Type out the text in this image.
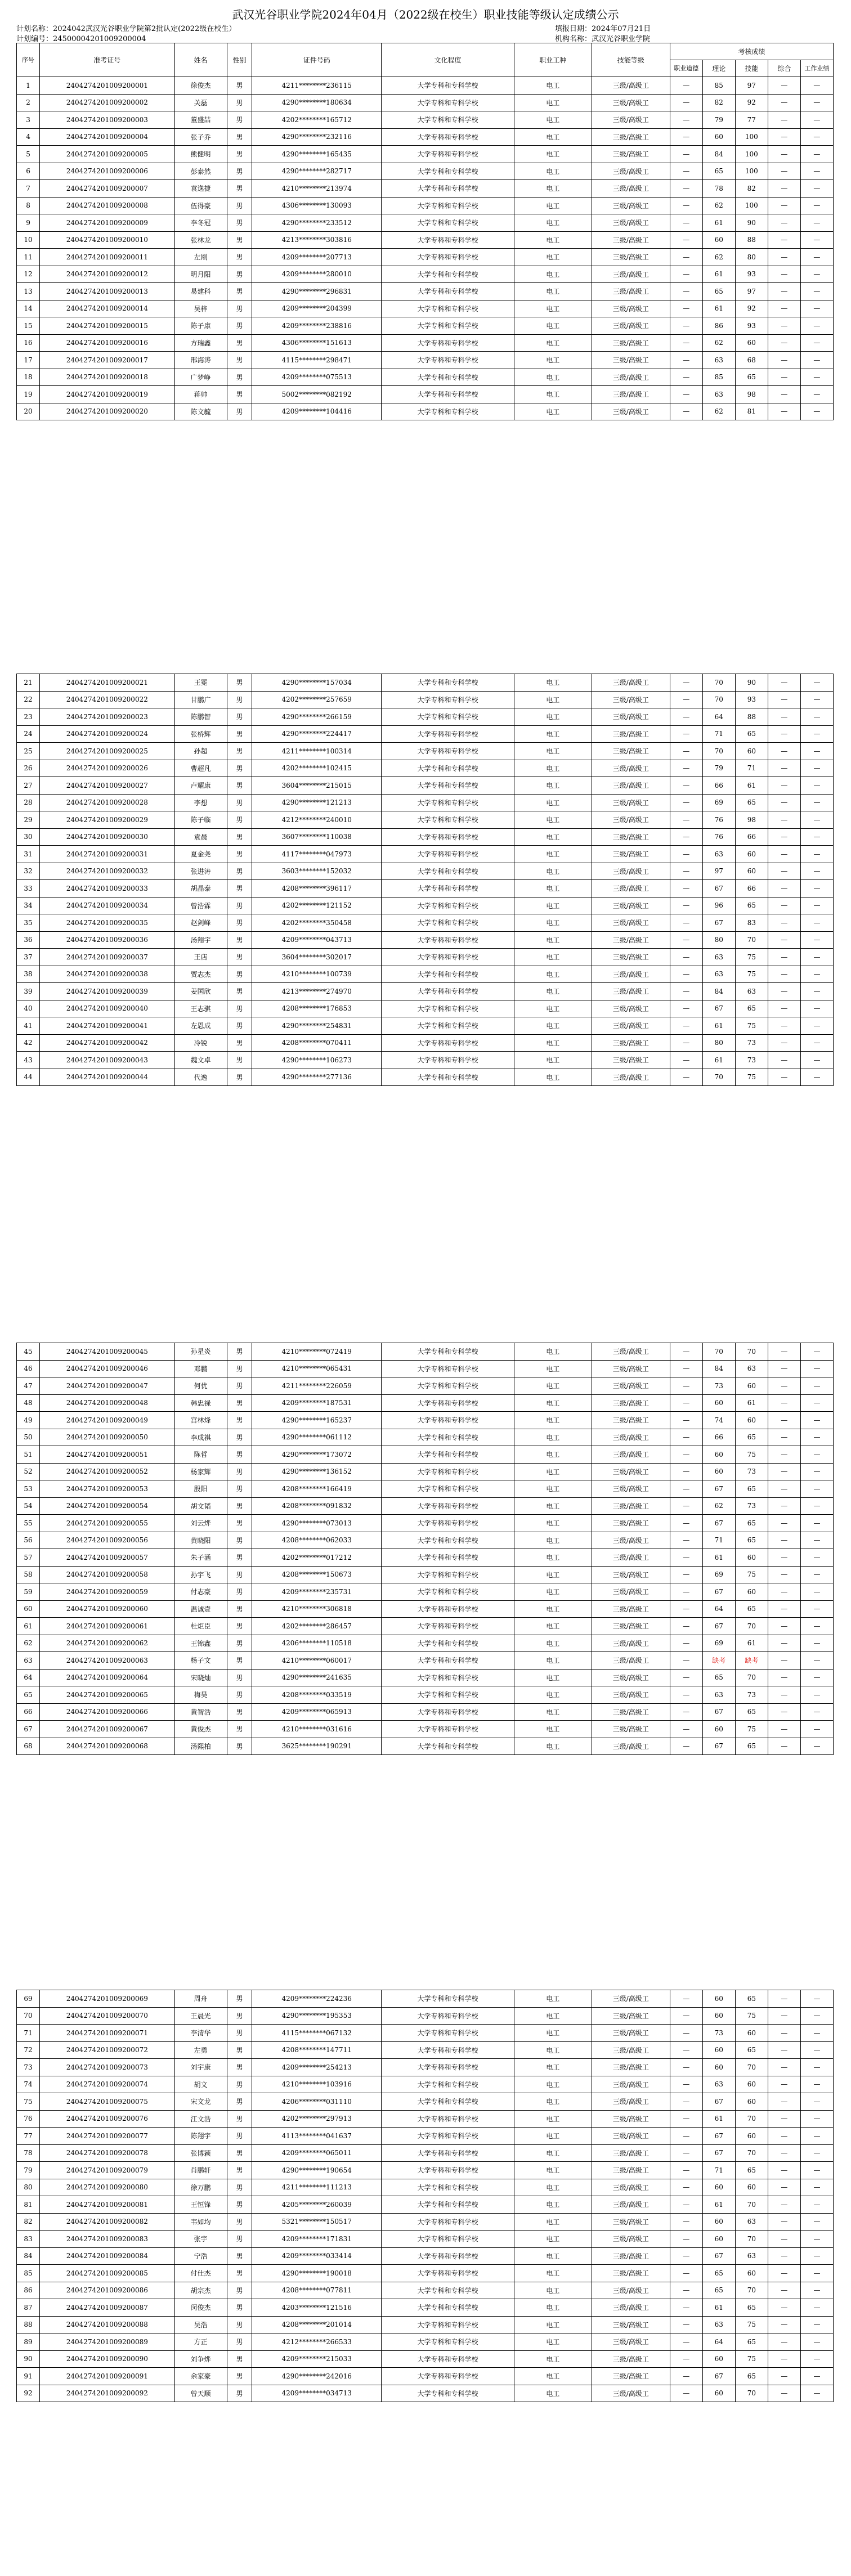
武汉光谷职业学院2024年04月（2022级在校生）职业技能等级认定成绩公示
计划名称：2024042武汉光谷职业学院第2批认定(2022级在校生）
计划编号：24500004201009200004
填报日期：2024年07月21日
机构名称：武汉光谷职业学院
序号	准考证号	姓名	性别	证件号码	文化程度	职业工种	技能等级	考核成绩				
								职业道德	理论	技能	综合	工作业绩
1	2404274201009200001	徐俊杰	男	4211********236115	大学专科和专科学校	电工	三级/高级工	—	85	97	—	—
2	2404274201009200002	关磊	男	4290********180634	大学专科和专科学校	电工	三级/高级工	—	82	92	—	—
3	2404274201009200003	董盛喆	男	4202********165712	大学专科和专科学校	电工	三级/高级工	—	79	77	—	—
4	2404274201009200004	张子乔	男	4290********232116	大学专科和专科学校	电工	三级/高级工	—	60	100	—	—
5	2404274201009200005	熊健明	男	4290********165435	大学专科和专科学校	电工	三级/高级工	—	84	100	—	—
6	2404274201009200006	彭泰然	男	4290********282717	大学专科和专科学校	电工	三级/高级工	—	65	100	—	—
7	2404274201009200007	袁逸捷	男	4210********213974	大学专科和专科学校	电工	三级/高级工	—	78	82	—	—
8	2404274201009200008	伍得豪	男	4306********130093	大学专科和专科学校	电工	三级/高级工	—	62	100	—	—
9	2404274201009200009	李冬冠	男	4290********233512	大学专科和专科学校	电工	三级/高级工	—	61	90	—	—
10	2404274201009200010	张林龙	男	4213********303816	大学专科和专科学校	电工	三级/高级工	—	60	88	—	—
11	2404274201009200011	左刚	男	4209********207713	大学专科和专科学校	电工	三级/高级工	—	62	80	—	—
12	2404274201009200012	明月阳	男	4209********280010	大学专科和专科学校	电工	三级/高级工	—	61	93	—	—
13	2404274201009200013	易建科	男	4290********296831	大学专科和专科学校	电工	三级/高级工	—	65	97	—	—
14	2404274201009200014	吴梓	男	4209********204399	大学专科和专科学校	电工	三级/高级工	—	61	92	—	—
15	2404274201009200015	陈子康	男	4209********238816	大学专科和专科学校	电工	三级/高级工	—	86	93	—	—
16	2404274201009200016	方瑞鑫	男	4306********151613	大学专科和专科学校	电工	三级/高级工	—	62	60	—	—
17	2404274201009200017	邢海涛	男	4115********298471	大学专科和专科学校	电工	三级/高级工	—	63	68	—	—
18	2404274201009200018	广梦峥	男	4209********075513	大学专科和专科学校	电工	三级/高级工	—	85	65	—	—
19	2404274201009200019	蒋帅	男	5002********082192	大学专科和专科学校	电工	三级/高级工	—	63	98	—	—
20	2404274201009200020	陈文毓	男	4209********104416	大学专科和专科学校	电工	三级/高级工	—	62	81	—	—
21	2404274201009200021	王冕	男	4290********157034	大学专科和专科学校	电工	三级/高级工	—	70	90	—	—
22	2404274201009200022	甘鹏广	男	4202********257659	大学专科和专科学校	电工	三级/高级工	—	70	93	—	—
23	2404274201009200023	陈鹏智	男	4290********266159	大学专科和专科学校	电工	三级/高级工	—	64	88	—	—
24	2404274201009200024	张桥辉	男	4290********224417	大学专科和专科学校	电工	三级/高级工	—	71	65	—	—
25	2404274201009200025	孙超	男	4211********100314	大学专科和专科学校	电工	三级/高级工	—	70	60	—	—
26	2404274201009200026	曹超凡	男	4202********102415	大学专科和专科学校	电工	三级/高级工	—	79	71	—	—
27	2404274201009200027	卢耀康	男	3604********215015	大学专科和专科学校	电工	三级/高级工	—	66	61	—	—
28	2404274201009200028	李想	男	4290********121213	大学专科和专科学校	电工	三级/高级工	—	69	65	—	—
29	2404274201009200029	陈子临	男	4212********240010	大学专科和专科学校	电工	三级/高级工	—	76	98	—	—
30	2404274201009200030	袁晨	男	3607********110038	大学专科和专科学校	电工	三级/高级工	—	76	66	—	—
31	2404274201009200031	夏金尧	男	4117********047973	大学专科和专科学校	电工	三级/高级工	—	63	60	—	—
32	2404274201009200032	张进涛	男	3603********152032	大学专科和专科学校	电工	三级/高级工	—	97	60	—	—
33	2404274201009200033	胡晶泰	男	4208********396117	大学专科和专科学校	电工	三级/高级工	—	67	66	—	—
34	2404274201009200034	曾浩霖	男	4202********121152	大学专科和专科学校	电工	三级/高级工	—	96	65	—	—
35	2404274201009200035	赵剑峰	男	4202********350458	大学专科和专科学校	电工	三级/高级工	—	67	83	—	—
36	2404274201009200036	汤翔宇	男	4209********043713	大学专科和专科学校	电工	三级/高级工	—	80	70	—	—
37	2404274201009200037	王店	男	3604********302017	大学专科和专科学校	电工	三级/高级工	—	63	75	—	—
38	2404274201009200038	贾志杰	男	4210********100739	大学专科和专科学校	电工	三级/高级工	—	63	75	—	—
39	2404274201009200039	姜国欣	男	4213********274970	大学专科和专科学校	电工	三级/高级工	—	84	63	—	—
40	2404274201009200040	王志骐	男	4208********176853	大学专科和专科学校	电工	三级/高级工	—	67	65	—	—
41	2404274201009200041	左恩成	男	4290********254831	大学专科和专科学校	电工	三级/高级工	—	61	75	—	—
42	2404274201009200042	冷锐	男	4208********070411	大学专科和专科学校	电工	三级/高级工	—	80	73	—	—
43	2404274201009200043	魏文卓	男	4290********106273	大学专科和专科学校	电工	三级/高级工	—	61	73	—	—
44	2404274201009200044	代逸	男	4290********277136	大学专科和专科学校	电工	三级/高级工	—	70	75	—	—
45	2404274201009200045	孙星炎	男	4210********072419	大学专科和专科学校	电工	三级/高级工	—	70	70	—	—
46	2404274201009200046	邓鹏	男	4210********065431	大学专科和专科学校	电工	三级/高级工	—	84	63	—	—
47	2404274201009200047	何优	男	4211********226059	大学专科和专科学校	电工	三级/高级工	—	73	60	—	—
48	2404274201009200048	韩忠禄	男	4209********187531	大学专科和专科学校	电工	三级/高级工	—	60	61	—	—
49	2404274201009200049	宫林烽	男	4290********165237	大学专科和专科学校	电工	三级/高级工	—	74	60	—	—
50	2404274201009200050	李成祺	男	4290********061112	大学专科和专科学校	电工	三级/高级工	—	66	65	—	—
51	2404274201009200051	陈哲	男	4290********173072	大学专科和专科学校	电工	三级/高级工	—	60	75	—	—
52	2404274201009200052	杨家辉	男	4290********136152	大学专科和专科学校	电工	三级/高级工	—	60	73	—	—
53	2404274201009200053	殷阳	男	4208********166419	大学专科和专科学校	电工	三级/高级工	—	67	65	—	—
54	2404274201009200054	胡文韬	男	4208********091832	大学专科和专科学校	电工	三级/高级工	—	62	73	—	—
55	2404274201009200055	刘云烨	男	4290********073013	大学专科和专科学校	电工	三级/高级工	—	67	65	—	—
56	2404274201009200056	黄晓阳	男	4208********062033	大学专科和专科学校	电工	三级/高级工	—	71	65	—	—
57	2404274201009200057	朱子涵	男	4202********017212	大学专科和专科学校	电工	三级/高级工	—	61	60	—	—
58	2404274201009200058	孙宇飞	男	4208********150673	大学专科和专科学校	电工	三级/高级工	—	69	75	—	—
59	2404274201009200059	付志豪	男	4209********235731	大学专科和专科学校	电工	三级/高级工	—	67	60	—	—
60	2404274201009200060	温诚壹	男	4210********306818	大学专科和专科学校	电工	三级/高级工	—	64	65	—	—
61	2404274201009200061	杜炬臣	男	4202********286457	大学专科和专科学校	电工	三级/高级工	—	67	70	—	—
62	2404274201009200062	王锦鑫	男	4206********110518	大学专科和专科学校	电工	三级/高级工	—	69	61	—	—
63	2404274201009200063	杨子文	男	4210********060017	大学专科和专科学校	电工	三级/高级工	—	缺考	缺考	—	—
64	2404274201009200064	宋晓灿	男	4290********241635	大学专科和专科学校	电工	三级/高级工	—	65	70	—	—
65	2404274201009200065	梅昊	男	4208********033519	大学专科和专科学校	电工	三级/高级工	—	63	73	—	—
66	2404274201009200066	黄智浩	男	4209********065913	大学专科和专科学校	电工	三级/高级工	—	67	65	—	—
67	2404274201009200067	黄俊杰	男	4210********031616	大学专科和专科学校	电工	三级/高级工	—	60	75	—	—
68	2404274201009200068	汤熙柏	男	3625********190291	大学专科和专科学校	电工	三级/高级工	—	67	65	—	—
69	2404274201009200069	周舟	男	4209********224236	大学专科和专科学校	电工	三级/高级工	—	60	65	—	—
70	2404274201009200070	王晨光	男	4290********195353	大学专科和专科学校	电工	三级/高级工	—	60	75	—	—
71	2404274201009200071	李清华	男	4115********067132	大学专科和专科学校	电工	三级/高级工	—	73	60	—	—
72	2404274201009200072	左勇	男	4208********147711	大学专科和专科学校	电工	三级/高级工	—	60	65	—	—
73	2404274201009200073	刘宇康	男	4209********254213	大学专科和专科学校	电工	三级/高级工	—	60	70	—	—
74	2404274201009200074	胡文	男	4210********103916	大学专科和专科学校	电工	三级/高级工	—	63	60	—	—
75	2404274201009200075	宋文龙	男	4206********031110	大学专科和专科学校	电工	三级/高级工	—	67	60	—	—
76	2404274201009200076	江文浩	男	4202********297913	大学专科和专科学校	电工	三级/高级工	—	61	70	—	—
77	2404274201009200077	陈翔宇	男	4113********041637	大学专科和专科学校	电工	三级/高级工	—	67	60	—	—
78	2404274201009200078	张博颖	男	4209********065011	大学专科和专科学校	电工	三级/高级工	—	67	70	—	—
79	2404274201009200079	肖鹏轩	男	4290********190654	大学专科和专科学校	电工	三级/高级工	—	71	65	—	—
80	2404274201009200080	徐万鹏	男	4211********111213	大学专科和专科学校	电工	三级/高级工	—	60	60	—	—
81	2404274201009200081	王恒锋	男	4205********260039	大学专科和专科学校	电工	三级/高级工	—	61	70	—	—
82	2404274201009200082	韦如均	男	5321********150517	大学专科和专科学校	电工	三级/高级工	—	60	63	—	—
83	2404274201009200083	张宇	男	4209********171831	大学专科和专科学校	电工	三级/高级工	—	60	70	—	—
84	2404274201009200084	宁浩	男	4209********033414	大学专科和专科学校	电工	三级/高级工	—	67	63	—	—
85	2404274201009200085	付仕杰	男	4290********190018	大学专科和专科学校	电工	三级/高级工	—	65	60	—	—
86	2404274201009200086	胡宗杰	男	4208********077811	大学专科和专科学校	电工	三级/高级工	—	65	70	—	—
87	2404274201009200087	闵俊杰	男	4203********121516	大学专科和专科学校	电工	三级/高级工	—	61	65	—	—
88	2404274201009200088	吴浩	男	4208********201014	大学专科和专科学校	电工	三级/高级工	—	63	75	—	—
89	2404274201009200089	方正	男	4212********266533	大学专科和专科学校	电工	三级/高级工	—	64	65	—	—
90	2404274201009200090	刘争烨	男	4209********215033	大学专科和专科学校	电工	三级/高级工	—	60	75	—	—
91	2404274201009200091	余家豪	男	4290********242016	大学专科和专科学校	电工	三级/高级工	—	67	65	—	—
92	2404274201009200092	曾天顺	男	4209********034713	大学专科和专科学校	电工	三级/高级工	—	60	70	—	—
